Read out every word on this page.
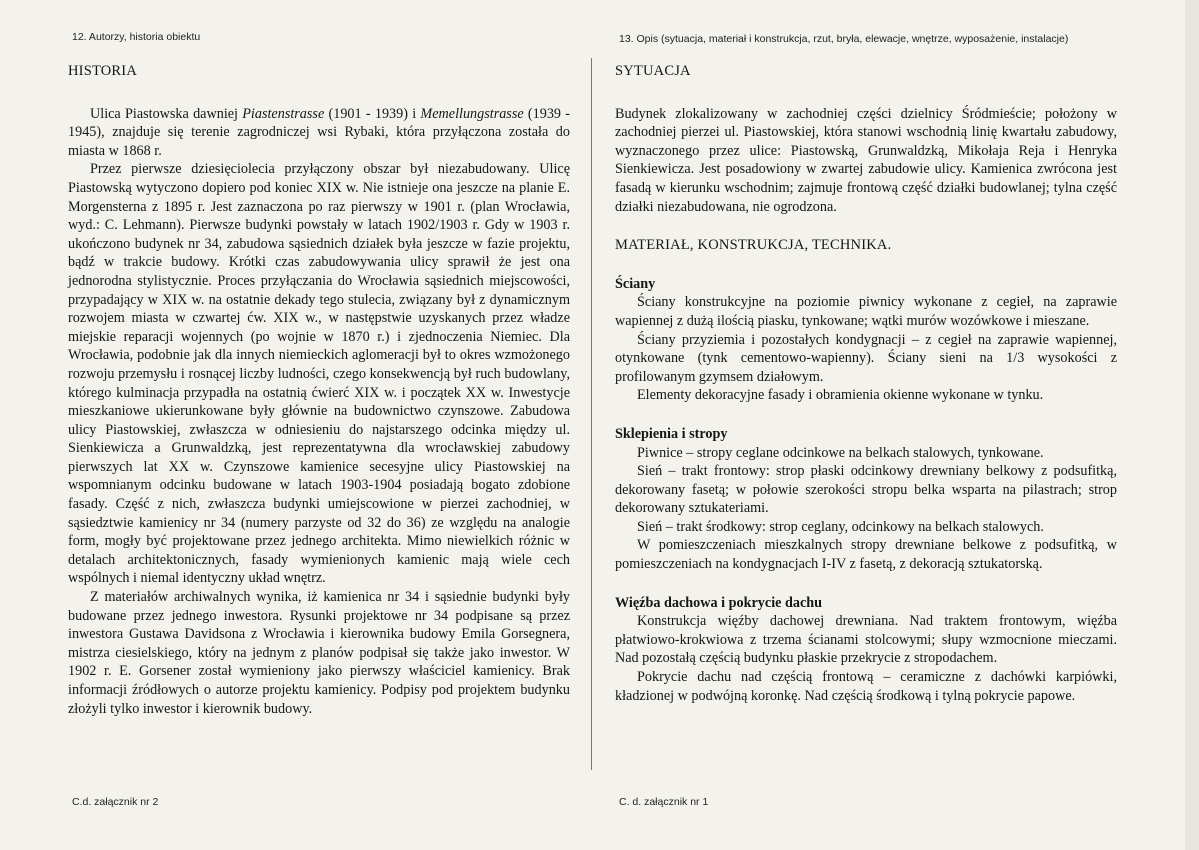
12. Autorzy, historia obiektu
HISTORIA

Ulica Piastowska dawniej Piastenstrasse (1901 - 1939) i Memellungstrasse (1939 - 1945), znajduje się terenie zagrodniczej wsi Rybaki, która przyłączona została do miasta w 1868 r.

Przez pierwsze dziesięciolecia przyłączony obszar był niezabudowany. Ulicę Piastowską wytyczono dopiero pod koniec XIX w. Nie istnieje ona jeszcze na planie E. Morgensterna z 1895 r. Jest zaznaczona po raz pierwszy w 1901 r. (plan Wrocławia, wyd.: C. Lehmann). Pierwsze budynki powstały w latach 1902/1903 r. Gdy w 1903 r. ukończono budynek nr 34, zabudowa sąsiednich działek była jeszcze w fazie projektu, bądź w trakcie budowy. Krótki czas zabudowywania ulicy sprawił że jest ona jednorodna stylistycznie. Proces przyłączania do Wrocławia sąsiednich miejscowości, przypadający w XIX w. na ostatnie dekady tego stulecia, związany był z dynamicznym rozwojem miasta w czwartej ćw. XIX w., w następstwie uzyskanych przez władze miejskie reparacji wojennych (po wojnie w 1870 r.) i zjednoczenia Niemiec. Dla Wrocławia, podobnie jak dla innych niemieckich aglomeracji był to okres wzmożonego rozwoju przemysłu i rosnącej liczby ludności, czego konsekwencją był ruch budowlany, którego kulminacja przypadła na ostatnią ćwierć XIX w. i początek XX w. Inwestycje mieszkaniowe ukierunkowane były głównie na budownictwo czynszowe. Zabudowa ulicy Piastowskiej, zwłaszcza w odniesieniu do najstarszego odcinka między ul. Sienkiewicza a Grunwaldzką, jest reprezentatywna dla wrocławskiej zabudowy pierwszych lat XX w. Czynszowe kamienice secesyjne ulicy Piastowskiej na wspomnianym odcinku budowane w latach 1903-1904 posiadają bogato zdobione fasady. Część z nich, zwłaszcza budynki umiejscowione w pierzei zachodniej, w sąsiedztwie kamienicy nr 34 (numery parzyste od 32 do 36) ze względu na analogie form, mogły być projektowane przez jednego architekta. Mimo niewielkich różnic w detalach architektonicznych, fasady wymienionych kamienic mają wiele cech wspólnych i niemal identyczny układ wnętrz.

Z materiałów archiwalnych wynika, iż kamienica nr 34 i sąsiednie budynki były budowane przez jednego inwestora. Rysunki projektowe nr 34 podpisane są przez inwestora Gustawa Davidsona z Wrocławia i kierownika budowy Emila Gorsegnera, mistrza ciesielskiego, który na jednym z planów podpisał się także jako inwestor. W 1902 r. E. Gorsener został wymieniony jako pierwszy właściciel kamienicy. Brak informacji źródłowych o autorze projektu kamienicy. Podpisy pod projektem budynku złożyli tylko inwestor i kierownik budowy.

C.d. załącznik nr 2
13. Opis (sytuacja, materiał i konstrukcja, rzut, bryła, elewacje, wnętrze, wyposażenie, instalacje)
SYTUACJA

Budynek zlokalizowany w zachodniej części dzielnicy Śródmieście; położony w zachodniej pierzei ul. Piastowskiej, która stanowi wschodnią linię kwartału zabudowy, wyznaczonego przez ulice: Piastowską, Grunwaldzką, Mikołaja Reja i Henryka Sienkiewicza. Jest posadowiony w zwartej zabudowie ulicy. Kamienica zwrócona jest fasadą w kierunku wschodnim; zajmuje frontową część działki budowlanej; tylna część działki niezabudowana, nie ogrodzona.

MATERIAŁ, KONSTRUKCJA, TECHNIKA.

Ściany

Ściany konstrukcyjne na poziomie piwnicy wykonane z cegieł, na zaprawie wapiennej z dużą ilością piasku, tynkowane; wątki murów wozówkowe i mieszane.

Ściany przyziemia i pozostałych kondygnacji – z cegieł na zaprawie wapiennej, otynkowane (tynk cementowo-wapienny). Ściany sieni na 1/3 wysokości z profilowanym gzymsem działowym.

Elementy dekoracyjne fasady i obramienia okienne wykonane w tynku.

Sklepienia i stropy

Piwnice – stropy ceglane odcinkowe na belkach stalowych, tynkowane.

Sień – trakt frontowy: strop płaski odcinkowy drewniany belkowy z podsufitką, dekorowany fasetą; w połowie szerokości stropu belka wsparta na pilastrach; strop dekorowany sztukateriami.

Sień – trakt środkowy: strop ceglany, odcinkowy na belkach stalowych.

W pomieszczeniach mieszkalnych stropy drewniane belkowe z podsufitką, w pomieszczeniach na kondygnacjach I-IV z fasetą, z dekoracją sztukatorską.

Więźba dachowa i pokrycie dachu

Konstrukcja więźby dachowej drewniana. Nad traktem frontowym, więźba płatwiowo-krokwiowa z trzema ścianami stolcowymi; słupy wzmocnione mieczami. Nad pozostałą częścią budynku płaskie przekrycie z stropodachem.

Pokrycie dachu nad częścią frontową – ceramiczne z dachówki karpiówki, kładzionej w podwójną koronkę. Nad częścią środkową i tylną pokrycie papowe.

C. d. załącznik nr 1
